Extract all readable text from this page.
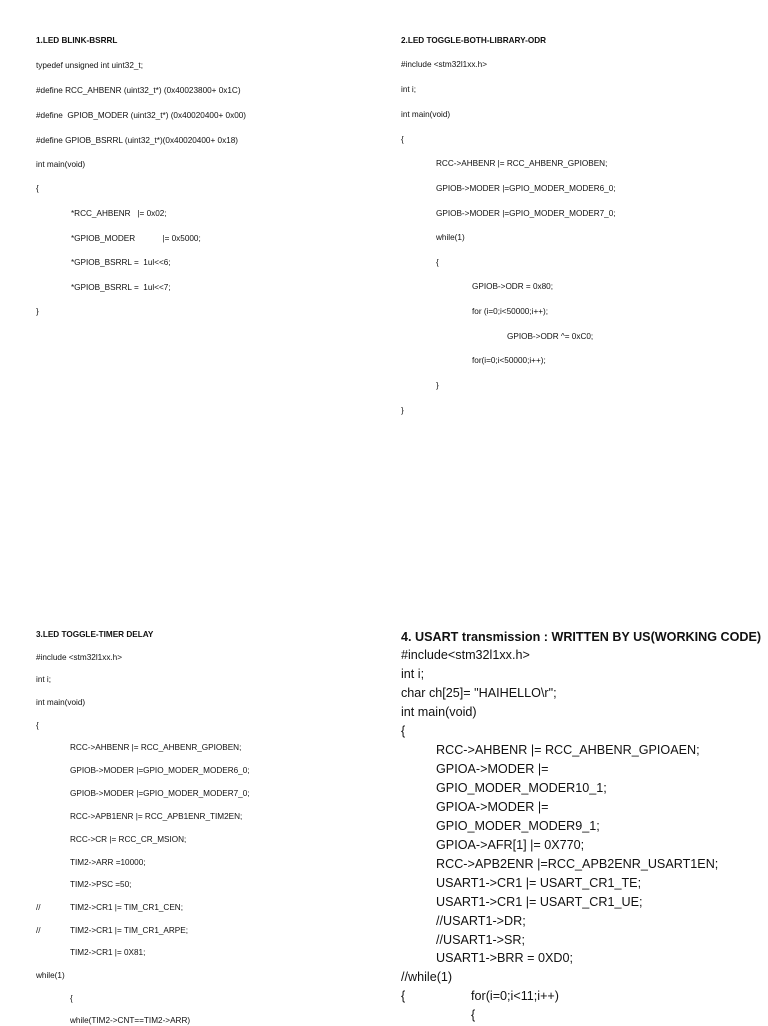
1.LED BLINK-BSRRL
typedef unsigned int uint32_t;
#define RCC_AHBENR (uint32_t*) (0x40023800+ 0x1C)
#define  GPIOB_MODER (uint32_t*) (0x40020400+ 0x00)
#define GPIOB_BSRRL (uint32_t*)(0x40020400+ 0x18)
int main(void)
{
*RCC_AHBENR   |= 0x02;
*GPIOB_MODER            |= 0x5000;
*GPIOB_BSRRL =  1ul<<6;
*GPIOB_BSRRL =  1ul<<7;
}
2.LED TOGGLE-BOTH-LIBRARY-ODR
#include <stm32l1xx.h>
int i;
int main(void)
{
RCC->AHBENR |= RCC_AHBENR_GPIOBEN;
GPIOB->MODER |=GPIO_MODER_MODER6_0;
GPIOB->MODER |=GPIO_MODER_MODER7_0;
while(1)
{
GPIOB->ODR = 0x80;
for (i=0;i<50000;i++);
GPIOB->ODR ^= 0xC0;
for(i=0;i<50000;i++);
}
}
3.LED TOGGLE-TIMER DELAY
#include <stm32l1xx.h>
int i;
int main(void)
{
RCC->AHBENR |= RCC_AHBENR_GPIOBEN;
GPIOB->MODER |=GPIO_MODER_MODER6_0;
GPIOB->MODER |=GPIO_MODER_MODER7_0;
RCC->APB1ENR |= RCC_APB1ENR_TIM2EN;
RCC->CR |= RCC_CR_MSION;
TIM2->ARR =10000;
TIM2->PSC =50;
//	TIM2->CR1 |= TIM_CR1_CEN;
//	TIM2->CR1 |= TIM_CR1_ARPE;
TIM2->CR1 |= 0X81;
while(1)
{
while(TIM2->CNT==TIM2->ARR)
4. USART transmission : WRITTEN BY US(WORKING CODE)
#include<stm32l1xx.h>
int i;
char ch[25]= "HAIHELLO\r";
int main(void)
{
RCC->AHBENR |= RCC_AHBENR_GPIOAEN;
GPIOA->MODER |=
GPIO_MODER_MODER10_1;
GPIOA->MODER |=
GPIO_MODER_MODER9_1;
GPIOA->AFR[1] |= 0X770;
RCC->APB2ENR |=RCC_APB2ENR_USART1EN;
USART1->CR1 |= USART_CR1_TE;
USART1->CR1 |= USART_CR1_UE;
//USART1->DR;
//USART1->SR;
USART1->BRR = 0XD0;
//while(1)
{	for(i=0;i<11;i++)
{
